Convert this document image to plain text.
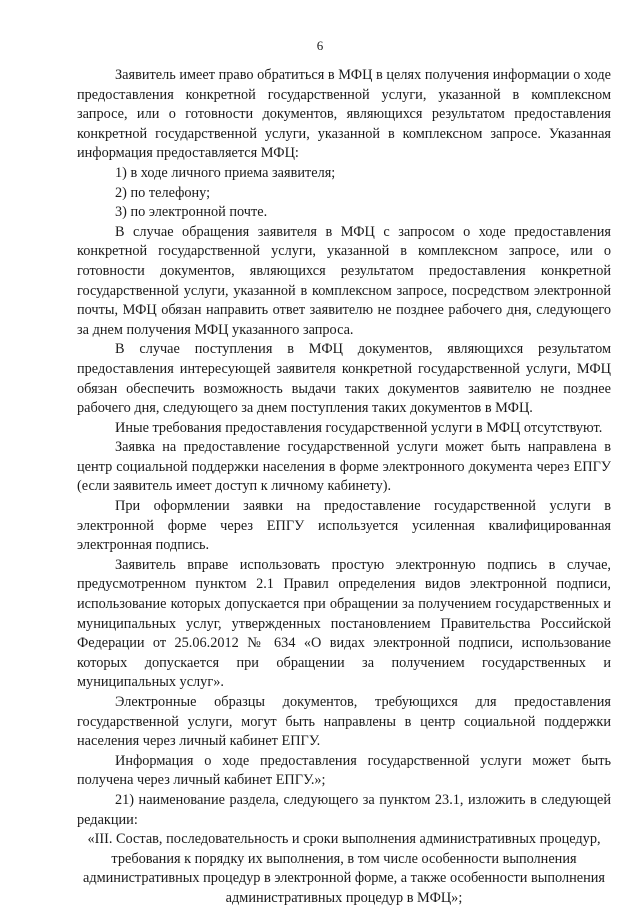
6

Заявитель имеет право обратиться в МФЦ в целях получения информации о ходе предоставления конкретной государственной услуги, указанной в комплексном запросе, или о готовности документов, являющихся результатом предоставления конкретной государственной услуги, указанной в комплексном запросе. Указанная информация предоставляется МФЦ:

1) в ходе личного приема заявителя;

2) по телефону;

3) по электронной почте.

В случае обращения заявителя в МФЦ с запросом о ходе предоставления конкретной государственной услуги, указанной в комплексном запросе, или о готовности документов, являющихся результатом предоставления конкретной государственной услуги, указанной в комплексном запросе, посредством электронной почты, МФЦ обязан направить ответ заявителю не позднее рабочего дня, следующего за днем получения МФЦ указанного запроса.

В случае поступления в МФЦ документов, являющихся результатом предоставления интересующей заявителя конкретной государственной услуги, МФЦ обязан обеспечить возможность выдачи таких документов заявителю не позднее рабочего дня, следующего за днем поступления таких документов в МФЦ.

Иные требования предоставления государственной услуги в МФЦ отсутствуют.

Заявка на предоставление государственной услуги может быть направлена в центр социальной поддержки населения в форме электронного документа через ЕПГУ (если заявитель имеет доступ к личному кабинету).

При оформлении заявки на предоставление государственной услуги в электронной форме через ЕПГУ используется усиленная квалифицированная электронная подпись.

Заявитель вправе использовать простую электронную подпись в случае, предусмотренном пунктом 2.1 Правил определения видов электронной подписи, использование которых допускается при обращении за получением государственных и муниципальных услуг, утвержденных постановлением Правительства Российской Федерации от 25.06.2012 № 634 «О видах электронной подписи, использование которых допускается при обращении за получением государственных и муниципальных услуг».

Электронные образцы документов, требующихся для предоставления государственной услуги, могут быть направлены в центр социальной поддержки населения через личный кабинет ЕПГУ.

Информация о ходе предоставления государственной услуги может быть получена через личный кабинет ЕПГУ.»;

21) наименование раздела, следующего за пунктом 23.1, изложить в следующей редакции:

«III. Состав, последовательность и сроки выполнения административных процедур, требования к порядку их выполнения, в том числе особенности выполнения административных процедур в электронной форме, а также особенности выполнения административных процедур в МФЦ»;
